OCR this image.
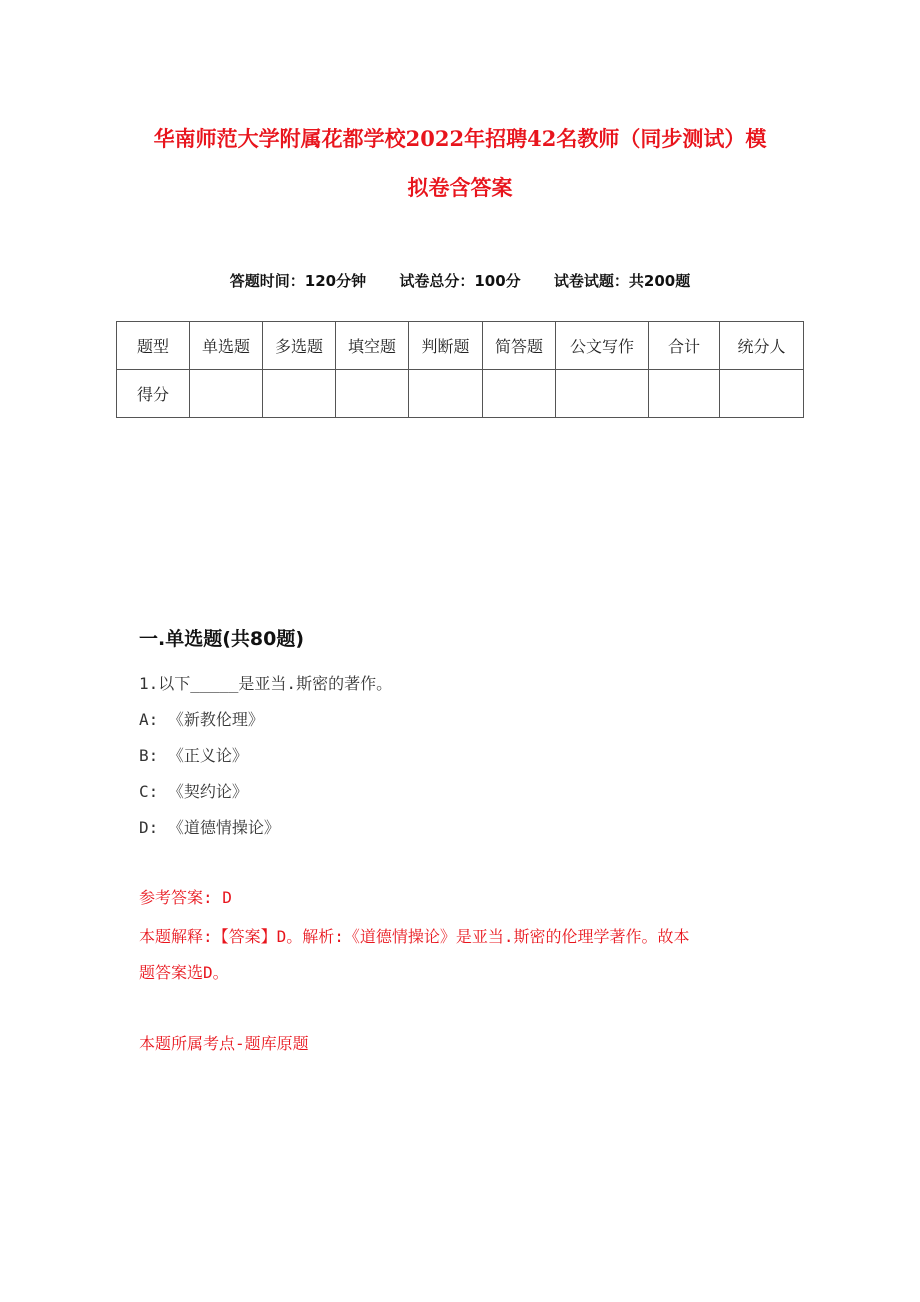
华南师范大学附属花都学校2022年招聘42名教师（同步测试）模
拟卷含答案
答题时间：120分钟 试卷总分：100分 试卷试题：共200题
题型	单选题	多选题	填空题	判断题	简答题	公文写作	合计	统分人
得分								
一.单选题(共80题)
1.以下_____是亚当.斯密的著作。
A: 《新教伦理》
B: 《正义论》
C: 《契约论》
D: 《道德情操论》
参考答案: D
本题解释:【答案】D。解析:《道德情操论》是亚当.斯密的伦理学著作。故本
题答案选D。
本题所属考点-题库原题
